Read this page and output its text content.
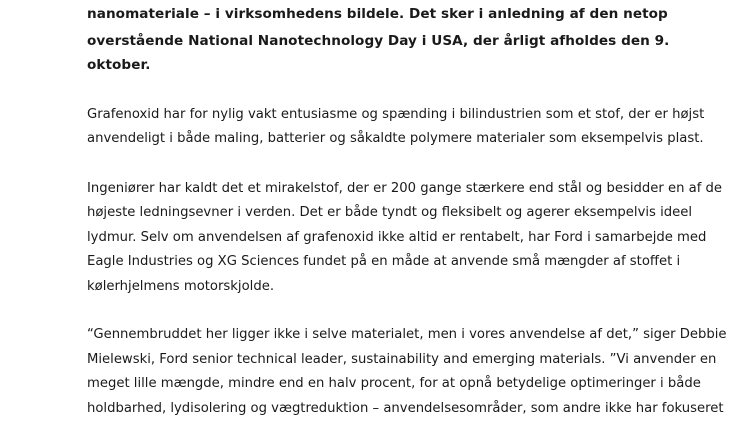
nanomateriale – i virksomhedens bildele. Det sker i anledning af den netop
overstående National Nanotechnology Day i USA, der årligt afholdes den 9.
oktober.
Grafenoxid har for nylig vakt entusiasme og spænding i bilindustrien som et stof, der er højst
anvendeligt i både maling, batterier og såkaldte polymere materialer som eksempelvis plast.
Ingeniører har kaldt det et mirakelstof, der er 200 gange stærkere end stål og besidder en af de
højeste ledningsevner i verden. Det er både tyndt og fleksibelt og agerer eksempelvis ideel
lydmur. Selv om anvendelsen af grafenoxid ikke altid er rentabelt, har Ford i samarbejde med
Eagle Industries og XG Sciences fundet på en måde at anvende små mængder af stoffet i
kølerhjelmens motorskjolde.
“Gennembruddet her ligger ikke i selve materialet, men i vores anvendelse af det,” siger Debbie
Mielewski, Ford senior technical leader, sustainability and emerging materials. ”Vi anvender en
meget lille mængde, mindre end en halv procent, for at opnå betydelige optimeringer i både
holdbarhed, lydisolering og vægtreduktion – anvendelsesområder, som andre ikke har fokuseret
